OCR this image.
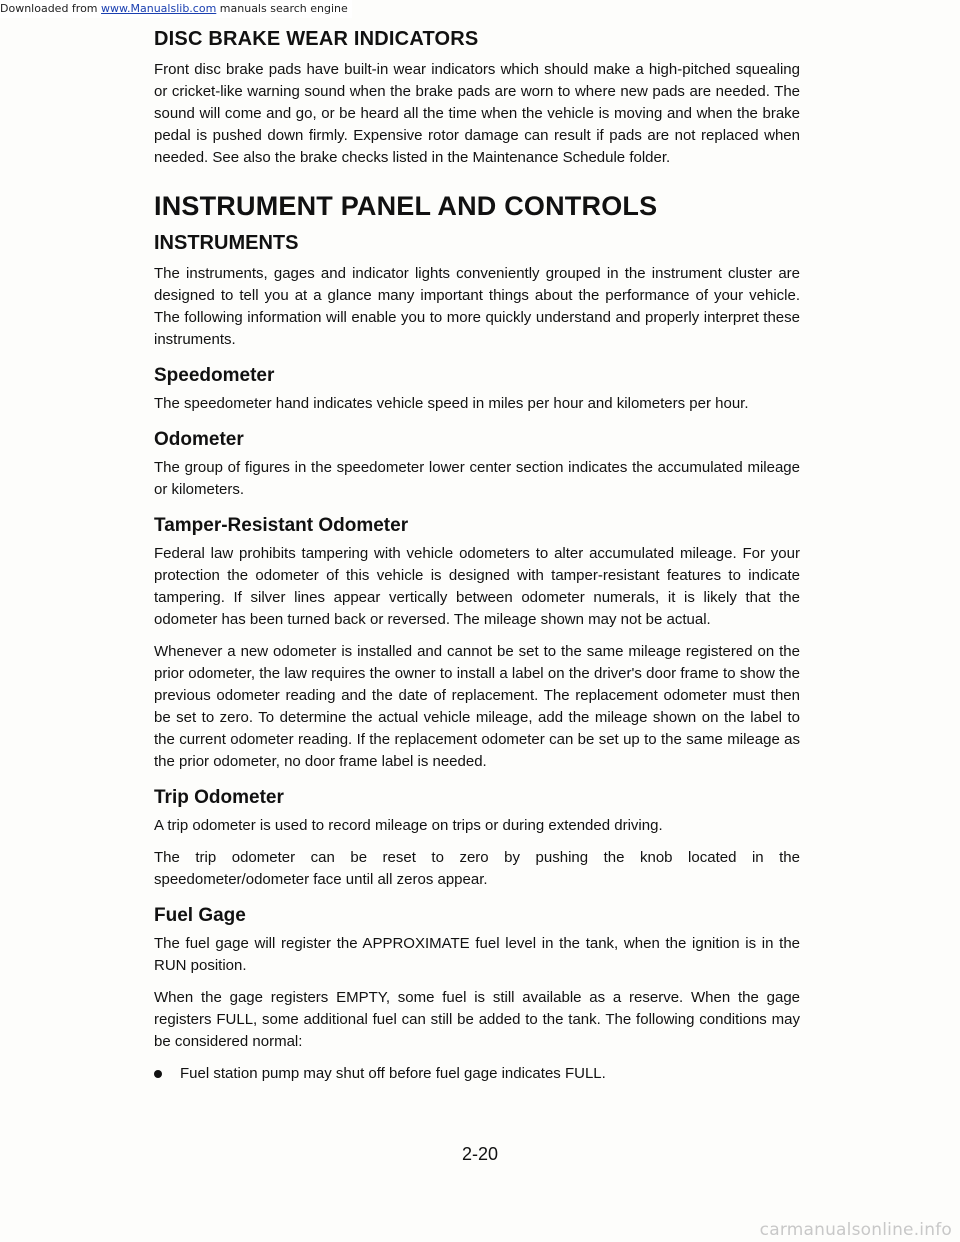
Downloaded from www.Manualslib.com manuals search engine
DISC BRAKE WEAR INDICATORS

Front disc brake pads have built-in wear indicators which should make a high-pitched squealing or cricket-like warning sound when the brake pads are worn to where new pads are needed. The sound will come and go, or be heard all the time when the vehicle is moving and when the brake pedal is pushed down firmly. Expensive rotor damage can result if pads are not replaced when needed. See also the brake checks listed in the Maintenance Schedule folder.

INSTRUMENT PANEL AND CONTROLS
INSTRUMENTS

The instruments, gages and indicator lights conveniently grouped in the instrument cluster are designed to tell you at a glance many important things about the performance of your vehicle. The following information will enable you to more quickly understand and properly interpret these instruments.

Speedometer

The speedometer hand indicates vehicle speed in miles per hour and kilometers per hour.

Odometer

The group of figures in the speedometer lower center section indicates the accumulated mileage or kilometers.

Tamper-Resistant Odometer

Federal law prohibits tampering with vehicle odometers to alter accumulated mileage. For your protection the odometer of this vehicle is designed with tamper-resistant features to indicate tampering. If silver lines appear vertically between odometer numerals, it is likely that the odometer has been turned back or reversed. The mileage shown may not be actual.

Whenever a new odometer is installed and cannot be set to the same mileage registered on the prior odometer, the law requires the owner to install a label on the driver's door frame to show the previous odometer reading and the date of replacement. The replacement odometer must then be set to zero. To determine the actual vehicle mileage, add the mileage shown on the label to the current odometer reading. If the replacement odometer can be set up to the same mileage as the prior odometer, no door frame label is needed.

Trip Odometer

A trip odometer is used to record mileage on trips or during extended driving.

The trip odometer can be reset to zero by pushing the knob located in the speedometer/odometer face until all zeros appear.

Fuel Gage

The fuel gage will register the APPROXIMATE fuel level in the tank, when the ignition is in the RUN position.

When the gage registers EMPTY, some fuel is still available as a reserve. When the gage registers FULL, some additional fuel can still be added to the tank. The following conditions may be considered normal:

Fuel station pump may shut off before fuel gage indicates FULL.
2-20
carmanualsonline.info
